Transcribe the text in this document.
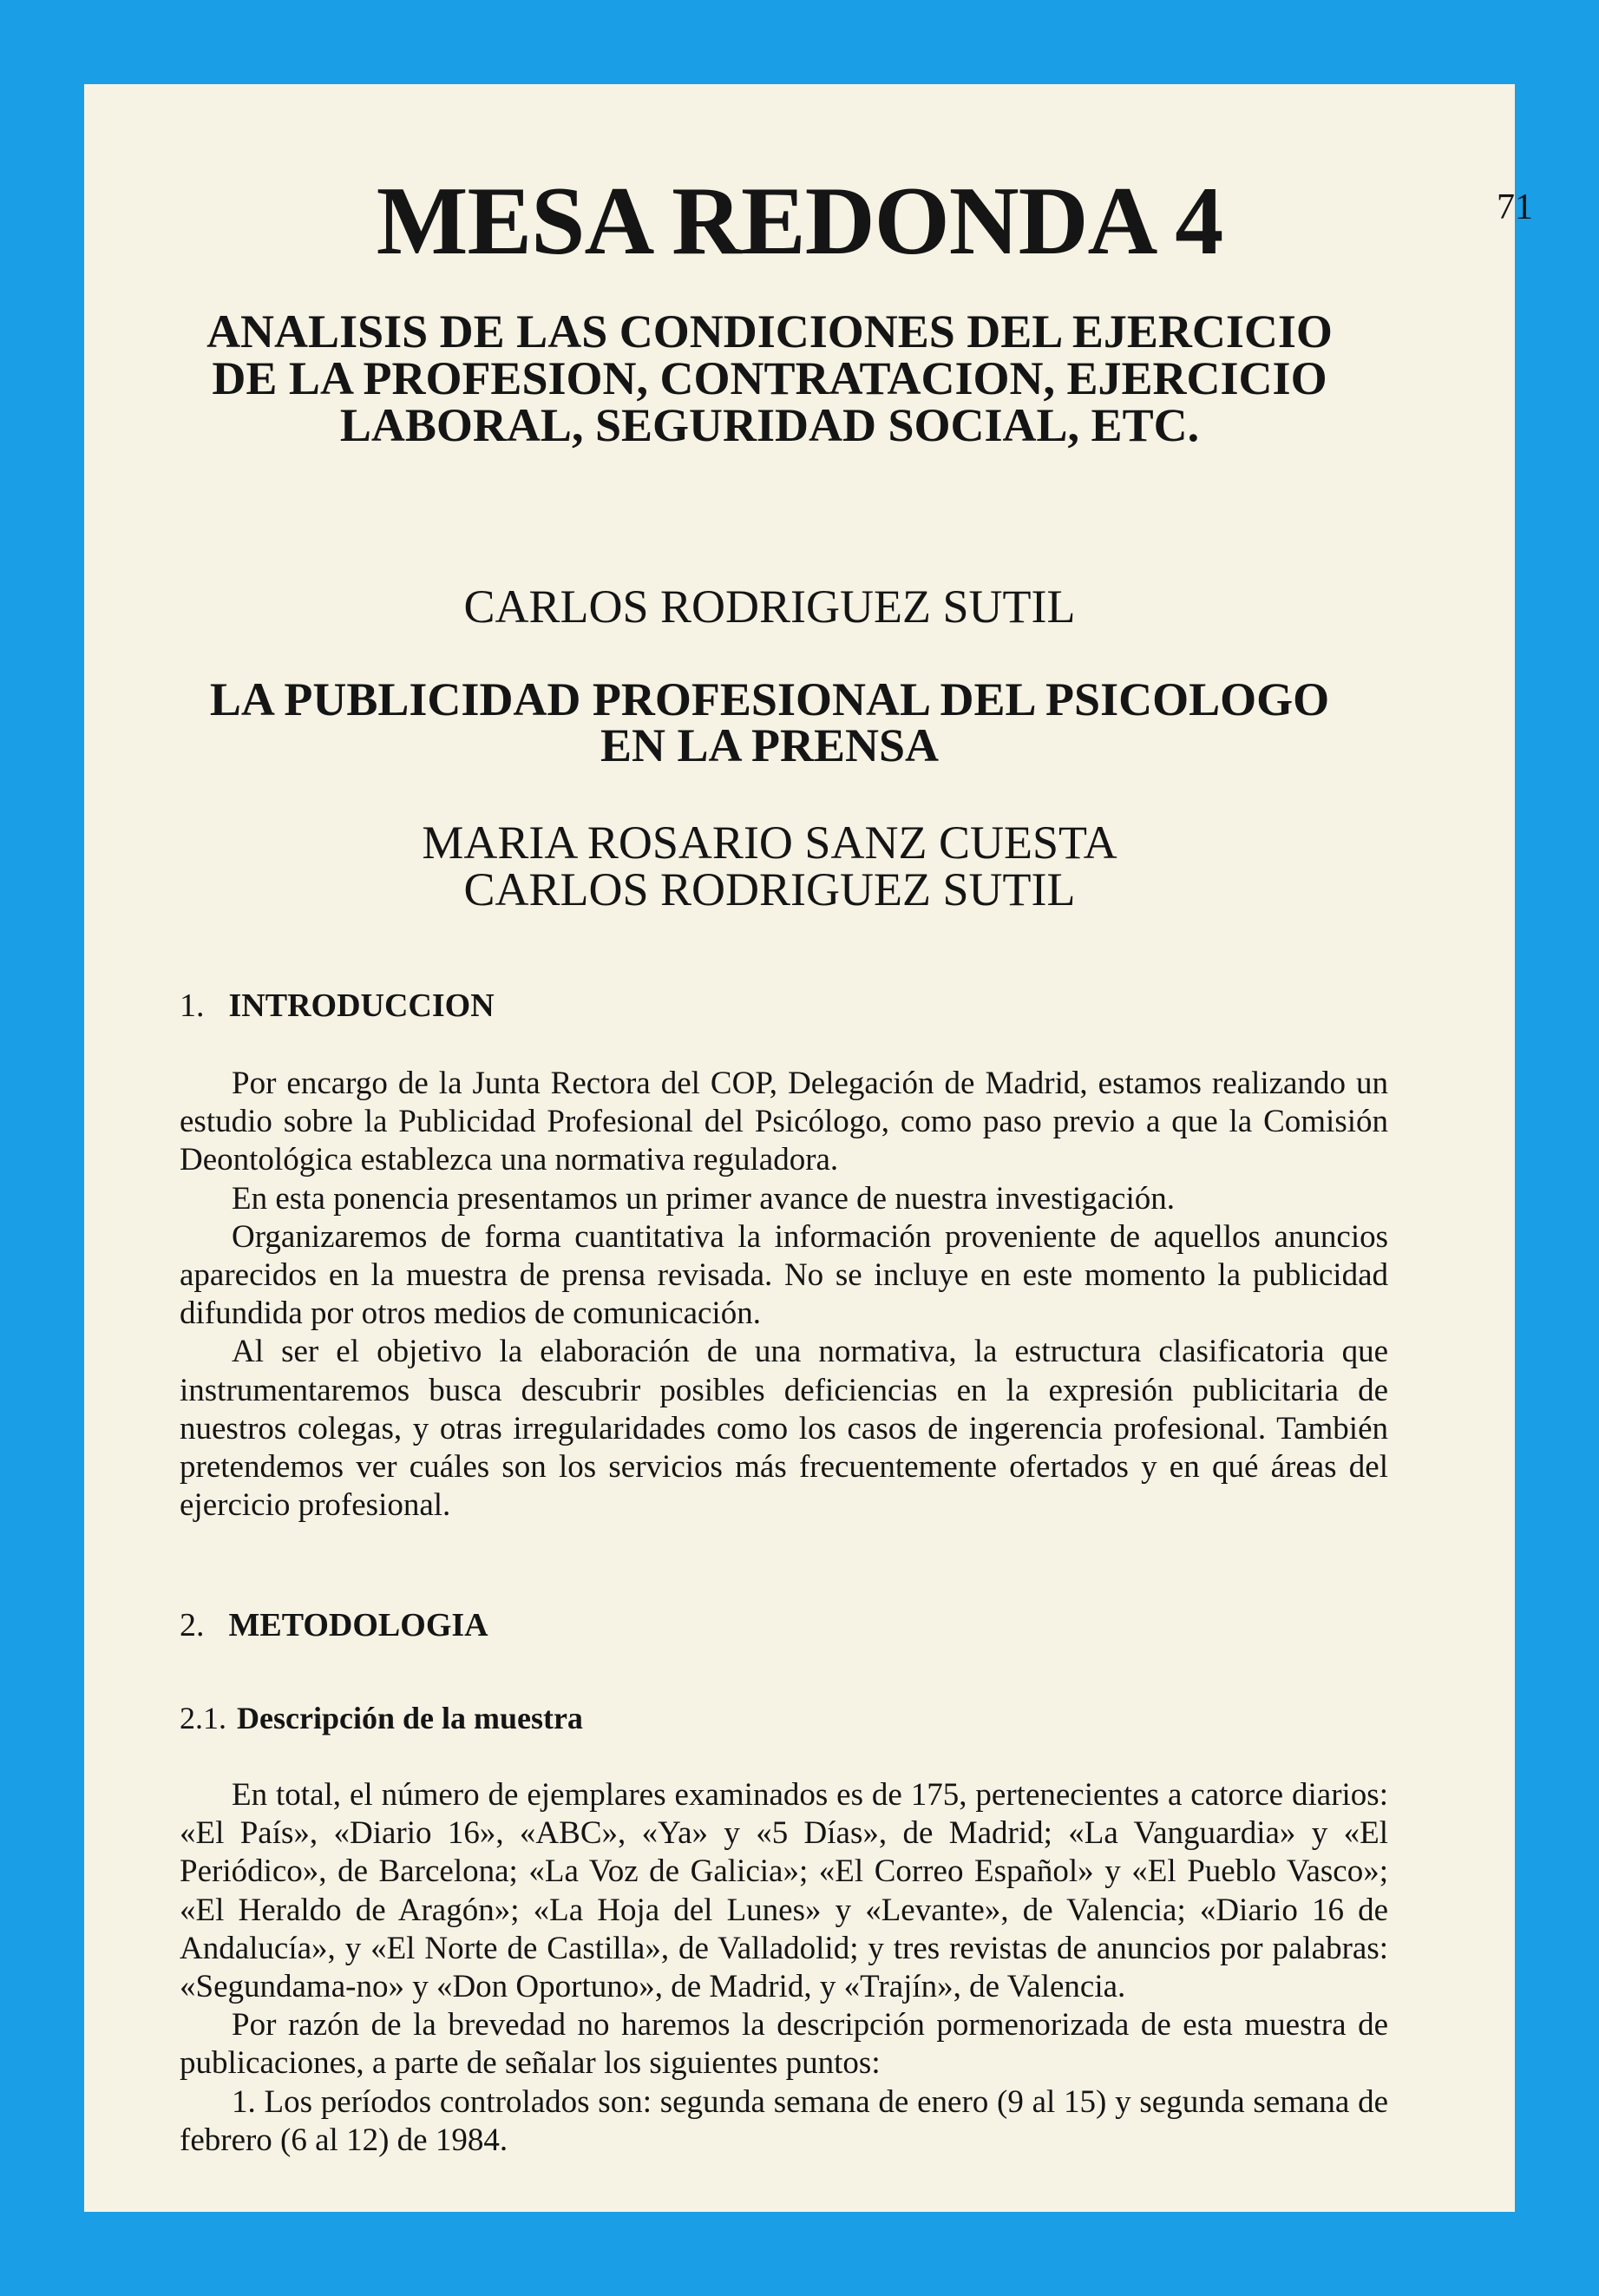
71

MESA REDONDA 4
ANALISIS DE LAS CONDICIONES DEL EJERCICIO
DE LA PROFESION, CONTRATACION, EJERCICIO
LABORAL, SEGURIDAD SOCIAL, ETC.

CARLOS RODRIGUEZ SUTIL

LA PUBLICIDAD PROFESIONAL DEL PSICOLOGO
EN LA PRENSA

MARIA ROSARIO SANZ CUESTA
CARLOS RODRIGUEZ SUTIL

1. INTRODUCCION

Por encargo de la Junta Rectora del COP, Delegación de Madrid, estamos realizando un estudio sobre la Publicidad Profesional del Psicólogo, como paso previo a que la Comisión Deontológica establezca una normativa reguladora.

En esta ponencia presentamos un primer avance de nuestra investigación.

Organizaremos de forma cuantitativa la información proveniente de aquellos anuncios aparecidos en la muestra de prensa revisada. No se incluye en este momento la publicidad difundida por otros medios de comunicación.

Al ser el objetivo la elaboración de una normativa, la estructura clasificatoria que instrumentaremos busca descubrir posibles deficiencias en la expresión publicitaria de nuestros colegas, y otras irregularidades como los casos de ingerencia profesional. También pretendemos ver cuáles son los servicios más frecuentemente ofertados y en qué áreas del ejercicio profesional.

2. METODOLOGIA
2.1. Descripción de la muestra

En total, el número de ejemplares examinados es de 175, pertenecientes a catorce diarios: «El País», «Diario 16», «ABC», «Ya» y «5 Días», de Madrid; «La Vanguardia» y «El Periódico», de Barcelona; «La Voz de Galicia»; «El Correo Español» y «El Pueblo Vasco»; «El Heraldo de Aragón»; «La Hoja del Lunes» y «Levante», de Valencia; «Diario 16 de Andalucía», y «El Norte de Castilla», de Valladolid; y tres revistas de anuncios por palabras: «Segundama-no» y «Don Oportuno», de Madrid, y «Trajín», de Valencia.

Por razón de la brevedad no haremos la descripción pormenorizada de esta muestra de publicaciones, a parte de señalar los siguientes puntos:

1. Los períodos controlados son: segunda semana de enero (9 al 15) y segunda semana de febrero (6 al 12) de 1984.
